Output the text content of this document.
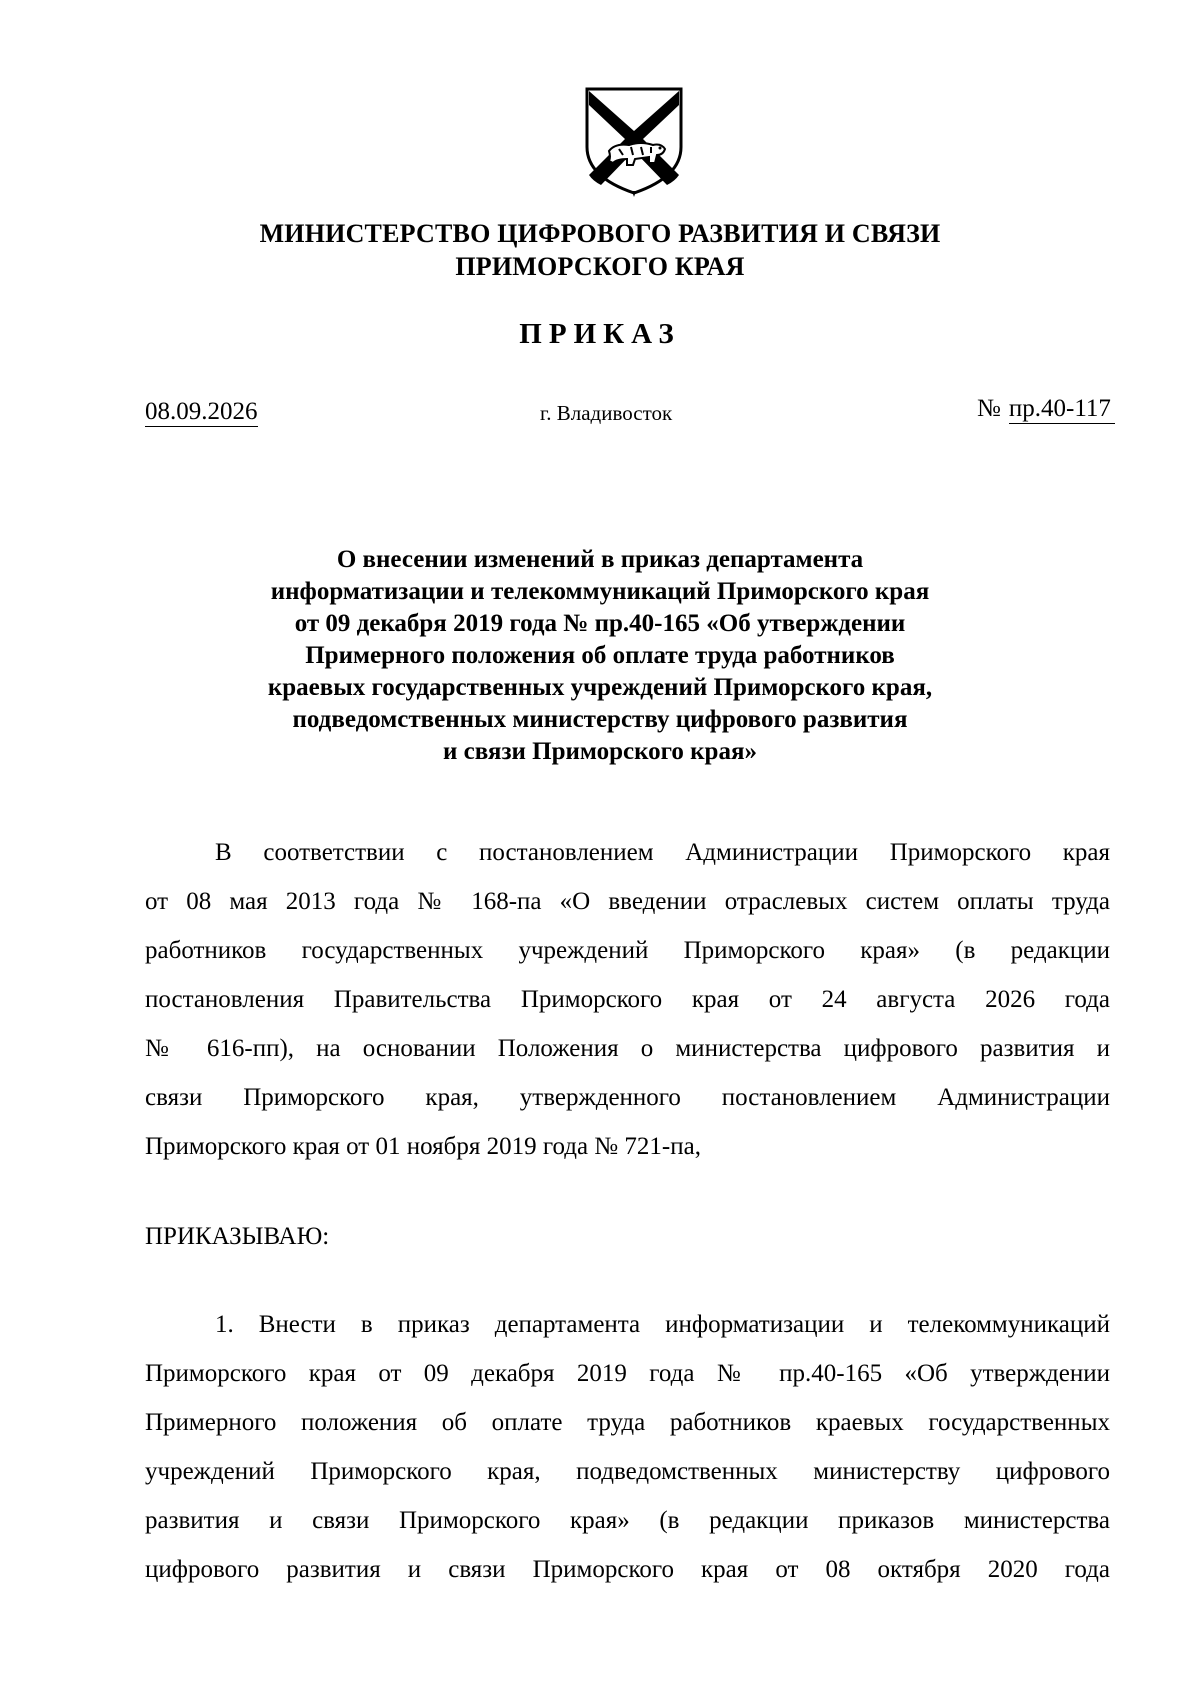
МИНИСТЕРСТВО ЦИФРОВОГО РАЗВИТИЯ И СВЯЗИ
ПРИМОРСКОГО КРАЯ
ПРИКАЗ
08.09.2026	г. Владивосток	№ пр.40-117
О внесении изменений в приказ департамента
информатизации и телекоммуникаций Приморского края
от 09 декабря 2019 года № пр.40-165 «Об утверждении
Примерного положения об оплате труда работников
краевых государственных учреждений Приморского края,
подведомственных министерству цифрового развития
и связи Приморского края»
В соответствии с постановлением Администрации Приморского края
от 08 мая 2013 года № 168-па «О введении отраслевых систем оплаты труда
работников государственных учреждений Приморского края» (в редакции
постановления Правительства Приморского края от 24 августа 2026 года
№ 616-пп), на основании Положения о министерства цифрового развития и
связи Приморского края, утвержденного постановлением Администрации
Приморского края от 01 ноября 2019 года № 721-па,
ПРИКАЗЫВАЮ:
1. Внести в приказ департамента информатизации и телекоммуникаций
Приморского края от 09 декабря 2019 года № пр.40-165 «Об утверждении
Примерного положения об оплате труда работников краевых государственных
учреждений Приморского края, подведомственных министерству цифрового
развития и связи Приморского края» (в редакции приказов министерства
цифрового развития и связи Приморского края от 08 октября 2020 года
